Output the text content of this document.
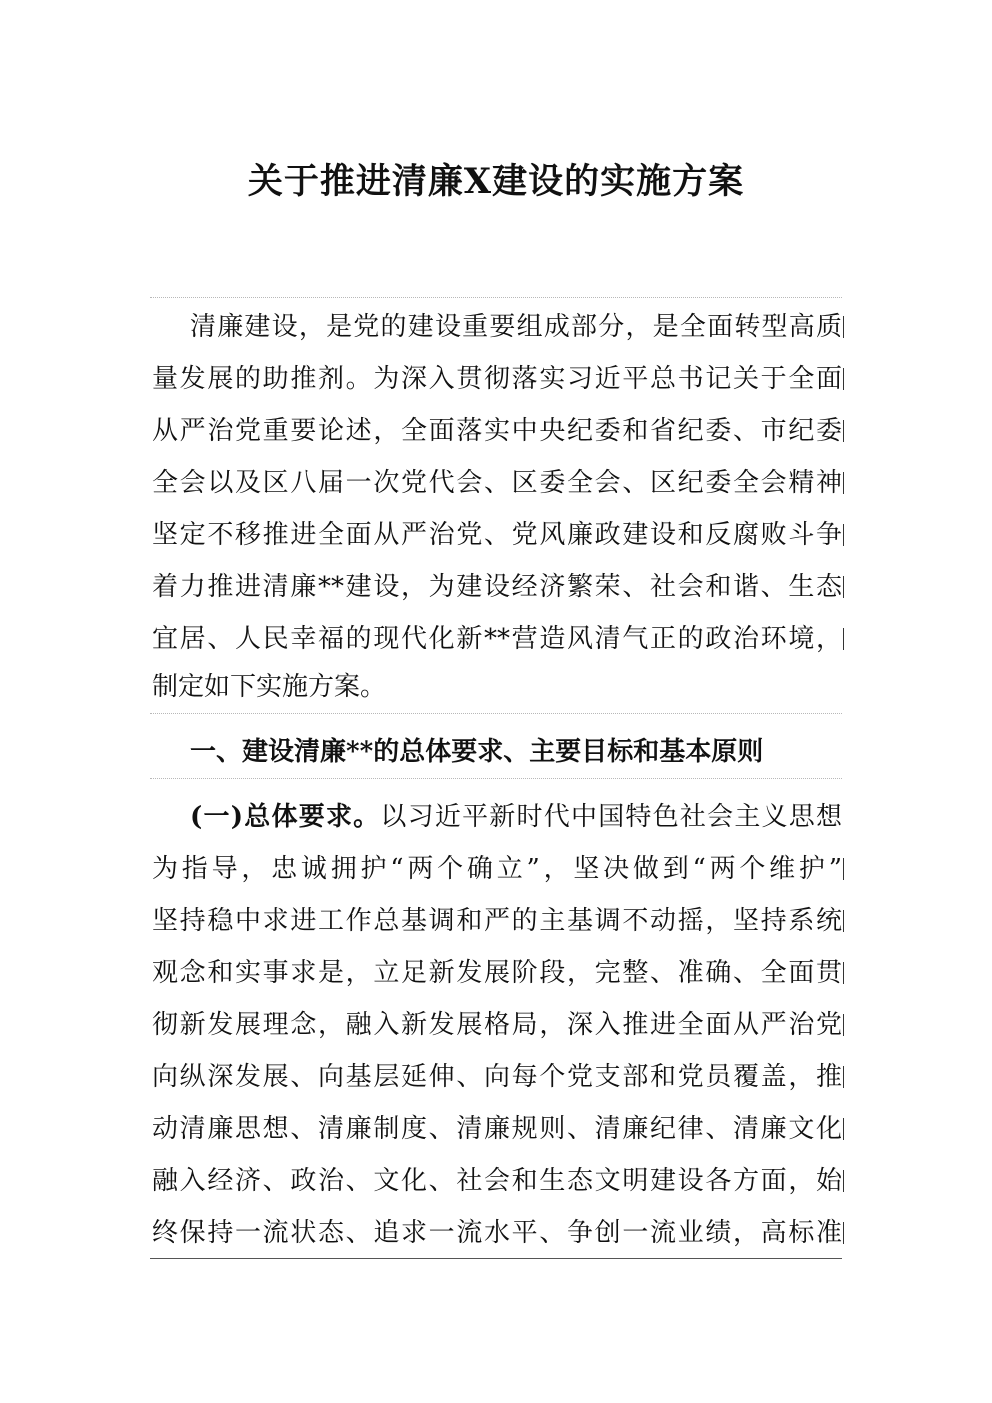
关于推进清廉X建设的实施方案
清廉建设，是党的建设重要组成部分，是全面转型高质
量发展的助推剂。为深入贯彻落实习近平总书记关于全面
从严治党重要论述，全面落实中央纪委和省纪委、市纪委
全会以及区八届一次党代会、区委全会、区纪委全会精神
坚定不移推进全面从严治党、党风廉政建设和反腐败斗争
着力推进清廉**建设，为建设经济繁荣、社会和谐、生态
宜居、人民幸福的现代化新**营造风清气正的政治环境，
制定如下实施方案。
一、建设清廉**的总体要求、主要目标和基本原则
(一)总体要求。以习近平新时代中国特色社会主义思想
为指导，忠诚拥护“两个确立”，坚决做到“两个维护”
坚持稳中求进工作总基调和严的主基调不动摇，坚持系统
观念和实事求是，立足新发展阶段，完整、准确、全面贯
彻新发展理念，融入新发展格局，深入推进全面从严治党
向纵深发展、向基层延伸、向每个党支部和党员覆盖，推
动清廉思想、清廉制度、清廉规则、清廉纪律、清廉文化
融入经济、政治、文化、社会和生态文明建设各方面，始
终保持一流状态、追求一流水平、争创一流业绩，高标准
